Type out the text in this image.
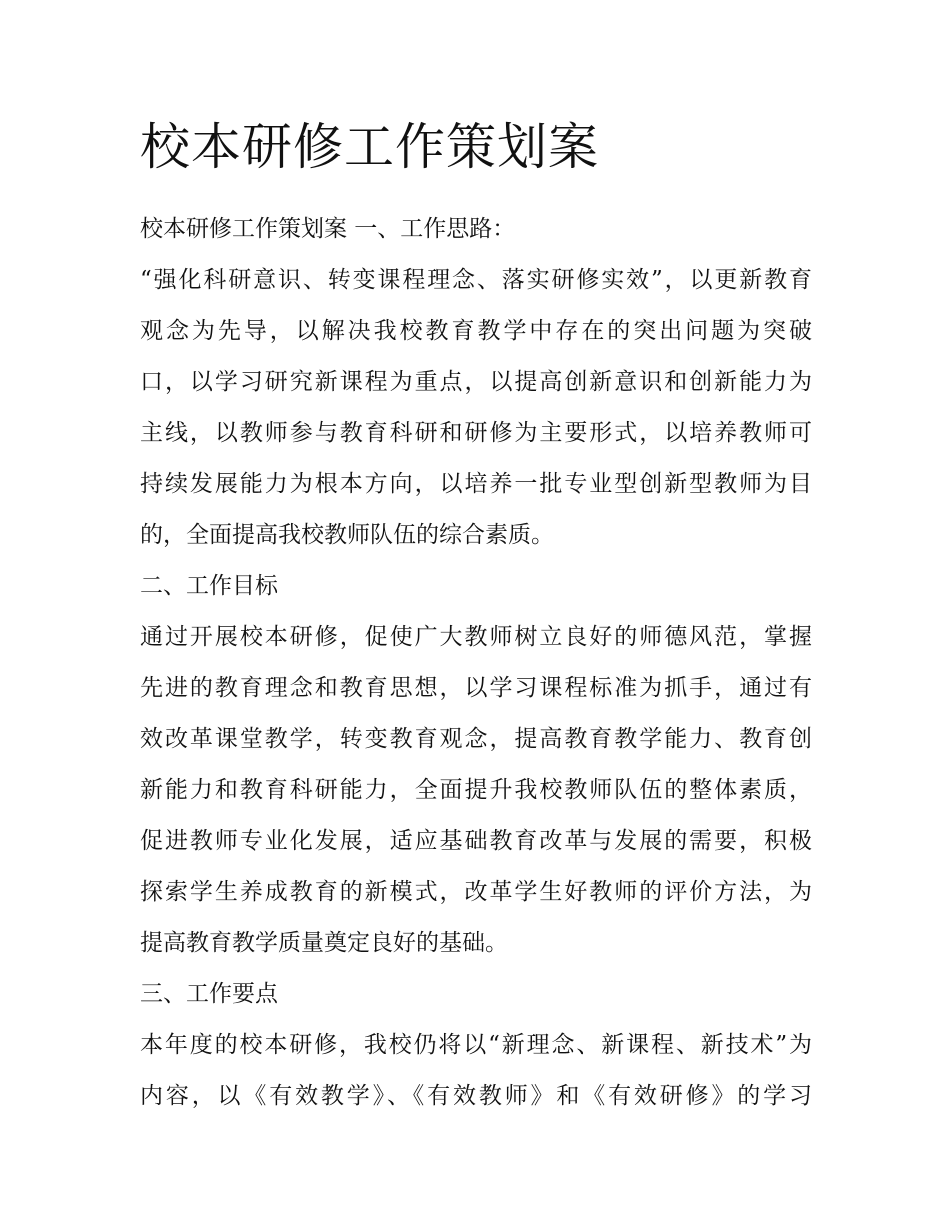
校本研修工作策划案
校本研修工作策划案 一、工作思路：
“强化科研意识、转变课程理念、落实研修实效”，以更新教育
观念为先导，以解决我校教育教学中存在的突出问题为突破
口，以学习研究新课程为重点，以提高创新意识和创新能力为
主线，以教师参与教育科研和研修为主要形式，以培养教师可
持续发展能力为根本方向，以培养一批专业型创新型教师为目
的，全面提高我校教师队伍的综合素质。
二、工作目标
通过开展校本研修，促使广大教师树立良好的师德风范，掌握
先进的教育理念和教育思想，以学习课程标准为抓手，通过有
效改革课堂教学，转变教育观念，提高教育教学能力、教育创
新能力和教育科研能力，全面提升我校教师队伍的整体素质，
促进教师专业化发展，适应基础教育改革与发展的需要，积极
探索学生养成教育的新模式，改革学生好教师的评价方法，为
提高教育教学质量奠定良好的基础。
三、工作要点
本年度的校本研修，我校仍将以“新理念、新课程、新技术”为
内容，以《有效教学》、《有效教师》和《有效研修》的学习
